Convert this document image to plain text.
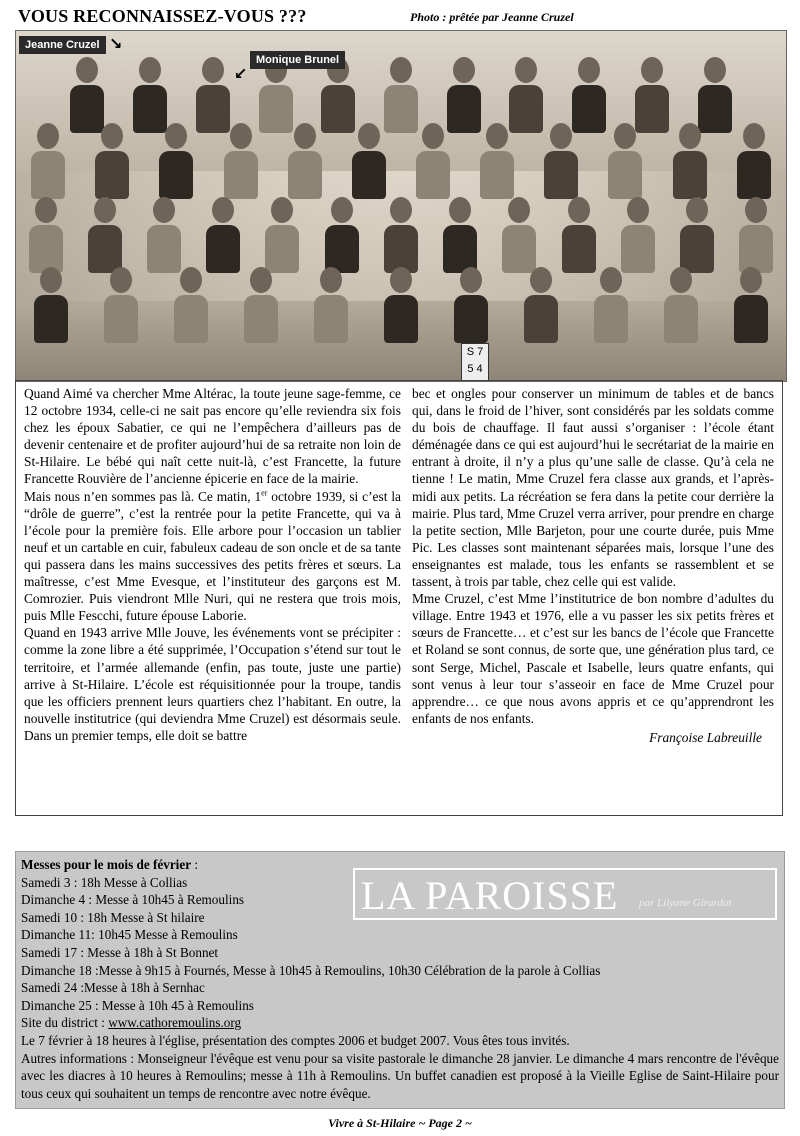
VOUS RECONNAISSEZ-VOUS ???	Photo : prêtée par Jeanne Cruzel
Jeanne Cruzel ↘
Monique Brunel
↙
S 7
5 4

Quand Aimé va chercher Mme Altérac, la toute jeune sage-femme, ce 12 octobre 1934, celle-ci ne sait pas encore qu’elle reviendra six fois chez les époux Sabatier, ce qui ne l’empêchera d’ailleurs pas de devenir centenaire et de profiter aujourd’hui de sa retraite non loin de St-Hilaire. Le bébé qui naît cette nuit-là, c’est Francette, la future Francette Rouvière de l’ancienne épicerie en face de la mairie.

Mais nous n’en sommes pas là. Ce matin, 1er octobre 1939, si c’est la “drôle de guerre”, c’est la rentrée pour la petite Francette, qui va à l’école pour la première fois. Elle arbore pour l’occasion un tablier neuf et un cartable en cuir, fabuleux cadeau de son oncle et de sa tante qui passera dans les mains successives des petits frères et sœurs. La maîtresse, c’est Mme Evesque, et l’instituteur des garçons est M. Comrozier. Puis viendront Mlle Nuri, qui ne restera que trois mois, puis Mlle Fescchi, future épouse Laborie.

Quand en 1943 arrive Mlle Jouve, les événements vont se précipiter : comme la zone libre a été supprimée, l’Occupation s’étend sur tout le territoire, et l’armée allemande (enfin, pas toute, juste une partie) arrive à St-Hilaire. L’école est réquisitionnée pour la troupe, tandis que les officiers prennent leurs quartiers chez l’habitant. En outre, la nouvelle institutrice (qui deviendra Mme Cruzel) est désormais seule. Dans un premier temps, elle doit se battre

bec et ongles pour conserver un minimum de tables et de bancs qui, dans le froid de l’hiver, sont considérés par les soldats comme du bois de chauffage. Il faut aussi s’organiser : l’école étant déménagée dans ce qui est aujourd’hui le secrétariat de la mairie en entrant à droite, il n’y a plus qu’une salle de classe. Qu’à cela ne tienne ! Le matin, Mme Cruzel fera classe aux grands, et l’après-midi aux petits. La récréation se fera dans la petite cour derrière la mairie. Plus tard, Mme Cruzel verra arriver, pour prendre en charge la petite section, Mlle Barjeton, pour une courte durée, puis Mme Pic. Les classes sont maintenant séparées mais, lorsque l’une des enseignantes est malade, tous les enfants se rassemblent et se tassent, à trois par table, chez celle qui est valide.

Mme Cruzel, c’est Mme l’institutrice de bon nombre d’adultes du village. Entre 1943 et 1976, elle a vu passer les six petits frères et sœurs de Francette… et c’est sur les bancs de l’école que Francette et Roland se sont connus, de sorte que, une génération plus tard, ce sont Serge, Michel, Pascale et Isabelle, leurs quatre enfants, qui sont venus à leur tour s’asseoir en face de Mme Cruzel pour apprendre… ce que nous avons appris et ce qu’apprendront les enfants de nos enfants.

Françoise Labreuille
Messes pour le mois de février :
Samedi 3 : 18h Messe à Collias
Dimanche 4 : Messe à 10h45 à Remoulins
Samedi 10 : 18h Messe à St hilaire
Dimanche 11: 10h45 Messe à Remoulins
Samedi 17 : Messe à 18h à St Bonnet
Dimanche 18 :Messe à 9h15 à Fournés, Messe à 10h45 à Remoulins, 10h30 Célébration de la parole à Collias
Samedi 24 :Messe à 18h à Sernhac
Dimanche 25 : Messe à 10h 45 à Remoulins
Site du district : www.cathoremoulins.org
Le 7 février à 18 heures à l'église, présentation des comptes 2006 et budget 2007. Vous êtes tous invités.
Autres informations : Monseigneur l'évêque est venu pour sa visite pastorale le dimanche 28 janvier. Le dimanche 4 mars rencontre de l'évêque avec les diacres à 10 heures à Remoulins; messe à 11h à Remoulins. Un buffet canadien est proposé à la Vieille Eglise de Saint-Hilaire pour tous ceux qui souhaitent un temps de rencontre avec notre évêque.
LA PAROISSE par Lilyane Girardot
Vivre à St-Hilaire ~ Page 2 ~
